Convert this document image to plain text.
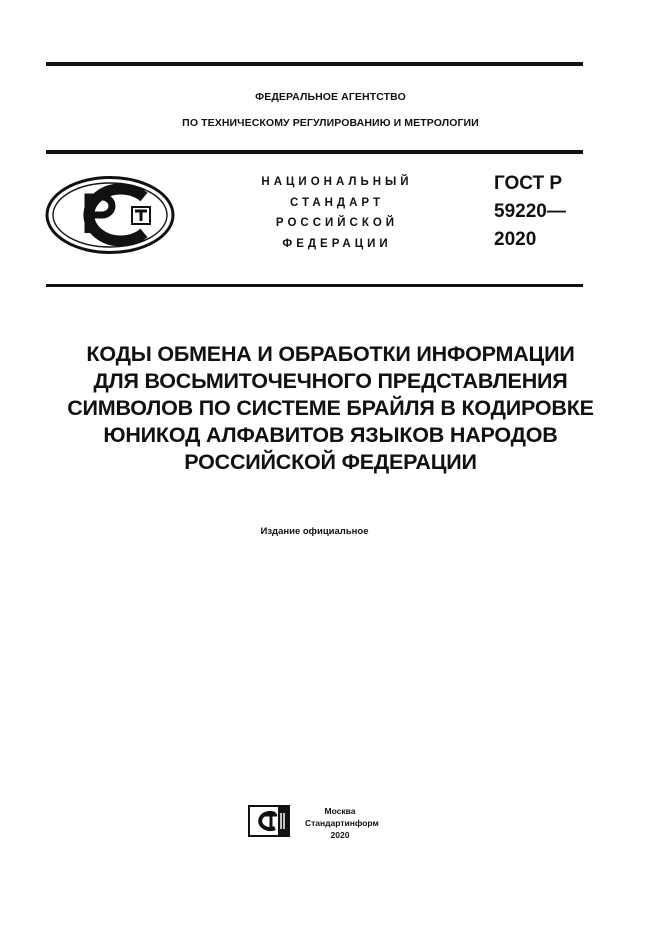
ФЕДЕРАЛЬНОЕ АГЕНТСТВО
ПО ТЕХНИЧЕСКОМУ РЕГУЛИРОВАНИЮ И МЕТРОЛОГИИ
НАЦИОНАЛЬНЫЙ
СТАНДАРТ
РОССИЙСКОЙ
ФЕДЕРАЦИИ
ГОСТ Р
59220—
2020
КОДЫ ОБМЕНА И ОБРАБОТКИ ИНФОРМАЦИИ
ДЛЯ ВОСЬМИТОЧЕЧНОГО ПРЕДСТАВЛЕНИЯ
СИМВОЛОВ ПО СИСТЕМЕ БРАЙЛЯ В КОДИРОВКЕ
ЮНИКОД АЛФАВИТОВ ЯЗЫКОВ НАРОДОВ
РОССИЙСКОЙ ФЕДЕРАЦИИ
Издание официальное
Москва
Стандартинформ
2020
